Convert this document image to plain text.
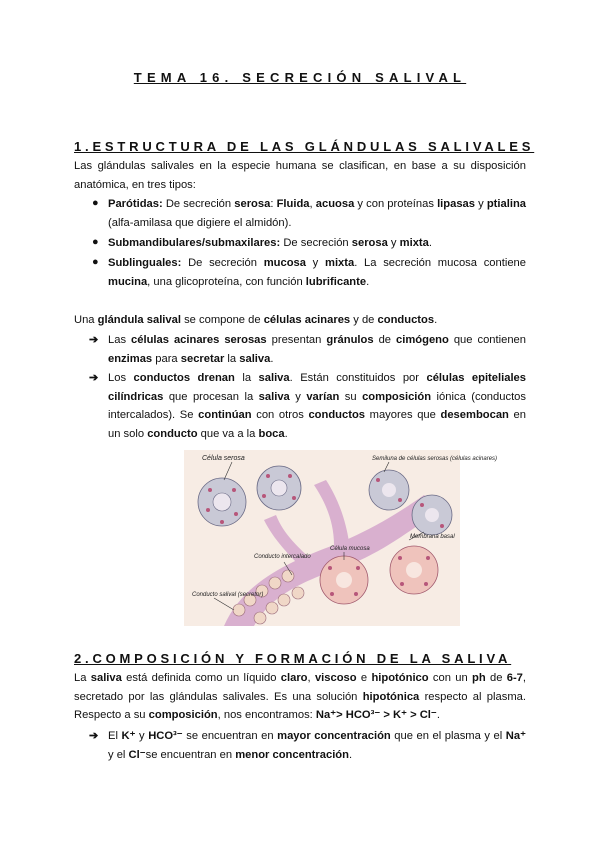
TEMA 16. SECRECIÓN SALIVAL
1.ESTRUCTURA DE LAS GLÁNDULAS SALIVALES
Las glándulas salivales en la especie humana se clasifican, en base a su disposición anatómica, en tres tipos:
● Parótidas: De secreción serosa: Fluida, acuosa y con proteínas lipasas y ptialina (alfa-amilasa que digiere el almidón).
● Submandibulares/submaxilares: De secreción serosa y mixta.
● Sublinguales: De secreción mucosa y mixta. La secreción mucosa contiene mucina, una glicoproteína, con función lubrificante.
Una glándula salival se compone de células acinares y de conductos.
➔ Las células acinares serosas presentan gránulos de cimógeno que contienen enzimas para secretar la saliva.
➔ Los conductos drenan la saliva. Están constituidos por células epiteliales cilíndricas que procesan la saliva y varían su composición iónica (conductos intercalados). Se continúan con otros conductos mayores que desembocan en un solo conducto que va a la boca.
Célula serosa	Semiluna de células serosas (células acinares)
Membrana basal
Conducto intercalado
Célula mucosa
Conducto salival (secretor)
2.COMPOSICIÓN Y FORMACIÓN DE LA SALIVA
La saliva está definida como un líquido claro, viscoso e hipotónico con un ph de 6-7, secretado por las glándulas salivales. Es una solución hipotónica respecto al plasma. Respecto a su composición, nos encontramos: Na⁺> HCO³⁻ > K⁺ > Cl⁻.
➔ El K⁺ y HCO³⁻ se encuentran en mayor concentración que en el plasma y el Na⁺ y el Cl⁻se encuentran en menor concentración.
